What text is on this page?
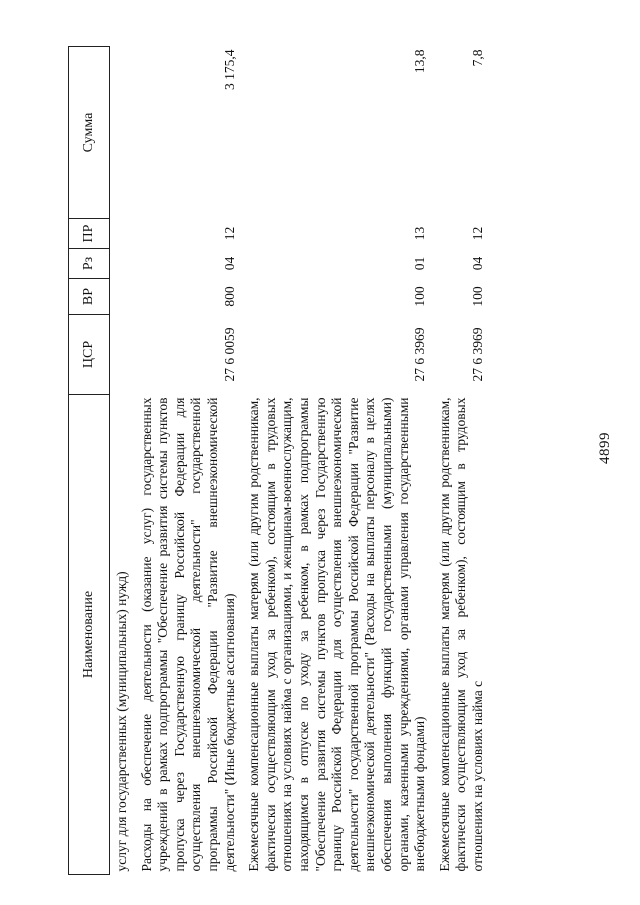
4899
Наименование	ЦСР	ВР	Рз	ПР	Сумма
услуг для государственных (муниципальных) нужд)					
Расходы на обеспечение деятельности (оказание услуг) государственных учреждений в рамках подпрограммы "Обеспечение развития системы пунктов пропуска через Государственную границу Российской Федерации для осуществления внешнеэкономической деятельности" государственной программы Российской Федерации "Развитие внешнеэкономической деятельности" (Иные бюджетные ассигнования)	27 6 0059	800	04	12	3 175,4
Ежемесячные компенсационные выплаты матерям (или другим родственникам, фактически осуществляющим уход за ребенком), состоящим в трудовых отношениях на условиях найма с организациями, и женщинам-военнослужащим, находящимся в отпуске по уходу за ребенком, в рамках подпрограммы "Обеспечение развития системы пунктов пропуска через Государственную границу Российской Федерации для осуществления внешнеэкономической деятельности" государственной программы Российской Федерации "Развитие внешнеэкономической деятельности" (Расходы на выплаты персоналу в целях обеспечения выполнения функций государственными (муниципальными) органами, казенными учреждениями, органами управления государственными внебюджетными фондами)	27 6 3969	100	01	13	13,8
Ежемесячные компенсационные выплаты матерям (или другим родственникам, фактически осуществляющим уход за ребенком), состоящим в трудовых отношениях на условиях найма с	27 6 3969	100	04	12	7,8
